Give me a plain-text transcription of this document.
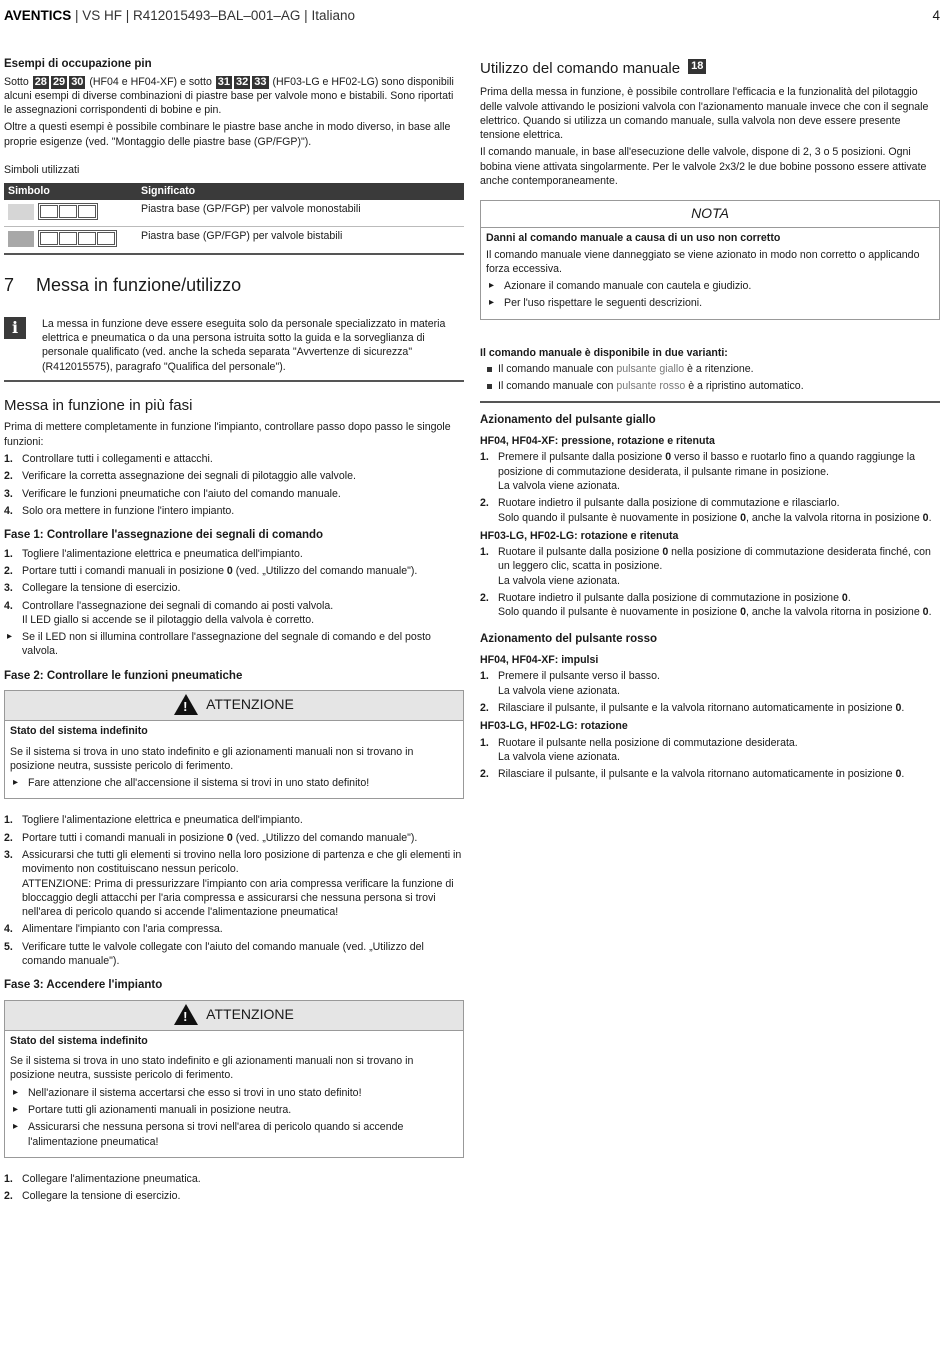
AVENTICS | VS HF | R412015493–BAL–001–AG | Italiano	4
Esempi di occupazione pin

Sotto 28 29 30 (HF04 e HF04-XF) e sotto 31 32 33 (HF03-LG e HF02-LG) sono disponibili alcuni esempi di diverse combinazioni di piastre base per valvole mono e bistabili. Sono riportati le assegnazioni corrispondenti di bobine e pin.

Oltre a questi esempi è possibile combinare le piastre base anche in modo diverso, in base alle proprie esigenze (ved. "Montaggio delle piastre base (GP/FGP)").

Simboli utilizzati

Simbolo	Significato

	Piastra base (GP/FGP) per valvole monostabili

	Piastra base (GP/FGP) per valvole bistabili
7 Messa in funzione/utilizzo
i	La messa in funzione deve essere eseguita solo da personale specializzato in materia elettrica e pneumatica o da una persona istruita sotto la guida e la sorveglianza di personale qualificato (ved. anche la scheda separata "Avvertenze di sicurezza" (R412015575), paragrafo "Qualifica del personale").
Messa in funzione in più fasi

Prima di mettere completamente in funzione l'impianto, controllare passo dopo passo le singole funzioni:

1. Controllare tutti i collegamenti e attacchi.
2. Verificare la corretta assegnazione dei segnali di pilotaggio alle valvole.
3. Verificare le funzioni pneumatiche con l'aiuto del comando manuale.
4. Solo ora mettere in funzione l'intero impianto.
Fase 1: Controllare l'assegnazione dei segnali di comando
1. Togliere l'alimentazione elettrica e pneumatica dell'impianto.
2. Portare tutti i comandi manuali in posizione 0 (ved. „Utilizzo del comando manuale").
3. Collegare la tensione di esercizio.
4. Controllare l'assegnazione dei segnali di comando ai posti valvola.
Il LED giallo si accende se il pilotaggio della valvola è corretto.
▸ Se il LED non si illumina controllare l'assegnazione del segnale di comando e del posto valvola.
Fase 2: Controllare le funzioni pneumatiche
! ATTENZIONE
Stato del sistema indefinito

Se il sistema si trova in uno stato indefinito e gli azionamenti manuali non si trovano in posizione neutra, sussiste pericolo di ferimento.

▸ Fare attenzione che all'accensione il sistema si trovi in uno stato definito!
1. Togliere l'alimentazione elettrica e pneumatica dell'impianto.
2. Portare tutti i comandi manuali in posizione 0 (ved. „Utilizzo del comando manuale").
3. Assicurarsi che tutti gli elementi si trovino nella loro posizione di partenza e che gli elementi in movimento non costituiscano nessun pericolo.
ATTENZIONE: Prima di pressurizzare l'impianto con aria compressa verificare la funzione di bloccaggio degli attacchi per l'aria compressa e assicurarsi che nessuna persona si trovi nell'area di pericolo quando si accende l'alimentazione pneumatica!
4. Alimentare l'impianto con l'aria compressa.
5. Verificare tutte le valvole collegate con l'aiuto del comando manuale (ved. „Utilizzo del comando manuale").
Fase 3: Accendere l'impianto
! ATTENZIONE
Stato del sistema indefinito

Se il sistema si trova in uno stato indefinito e gli azionamenti manuali non si trovano in posizione neutra, sussiste pericolo di ferimento.

▸ Nell'azionare il sistema accertarsi che esso si trovi in uno stato definito!
▸ Portare tutti gli azionamenti manuali in posizione neutra.
▸ Assicurarsi che nessuna persona si trovi nell'area di pericolo quando si accende l'alimentazione pneumatica!
1. Collegare l'alimentazione pneumatica.
2. Collegare la tensione di esercizio.
Utilizzo del comando manuale 18

Prima della messa in funzione, è possibile controllare l'efficacia e la funzionalità del pilotaggio delle valvole attivando le posizioni valvola con l'azionamento manuale invece che con il segnale elettrico. Quando si utilizza un comando manuale, sulla valvola non deve essere presente tensione elettrica.

Il comando manuale, in base all'esecuzione delle valvole, dispone di 2, 3 o 5 posizioni. Ogni bobina viene attivata singolarmente. Per le valvole 2x3/2 le due bobine possono essere attivate anche contemporaneamente.

NOTA
Danni al comando manuale a causa di un uso non corretto

Il comando manuale viene danneggiato se viene azionato in modo non corretto o applicando forza eccessiva.

▸ Azionare il comando manuale con cautela e giudizio.
▸ Per l'uso rispettare le seguenti descrizioni.
Il comando manuale è disponibile in due varianti:
Il comando manuale con pulsante giallo è a ritenzione.
Il comando manuale con pulsante rosso è a ripristino automatico.
Azionamento del pulsante giallo
HF04, HF04-XF: pressione, rotazione e ritenuta
1. Premere il pulsante dalla posizione 0 verso il basso e ruotarlo fino a quando raggiunge la posizione di commutazione desiderata, il pulsante rimane in posizione.
La valvola viene azionata.
2. Ruotare indietro il pulsante dalla posizione di commutazione e rilasciarlo.
Solo quando il pulsante è nuovamente in posizione 0, anche la valvola ritorna in posizione 0.
HF03-LG, HF02-LG: rotazione e ritenuta
1. Ruotare il pulsante dalla posizione 0 nella posizione di commutazione desiderata finché, con un leggero clic, scatta in posizione.
La valvola viene azionata.
2. Ruotare indietro il pulsante dalla posizione di commutazione in posizione 0.
Solo quando il pulsante è nuovamente in posizione 0, anche la valvola ritorna in posizione 0.
Azionamento del pulsante rosso
HF04, HF04-XF: impulsi
1. Premere il pulsante verso il basso.
La valvola viene azionata.
2. Rilasciare il pulsante, il pulsante e la valvola ritornano automaticamente in posizione 0.
HF03-LG, HF02-LG: rotazione
1. Ruotare il pulsante nella posizione di commutazione desiderata.
La valvola viene azionata.
2. Rilasciare il pulsante, il pulsante e la valvola ritornano automaticamente in posizione 0.
